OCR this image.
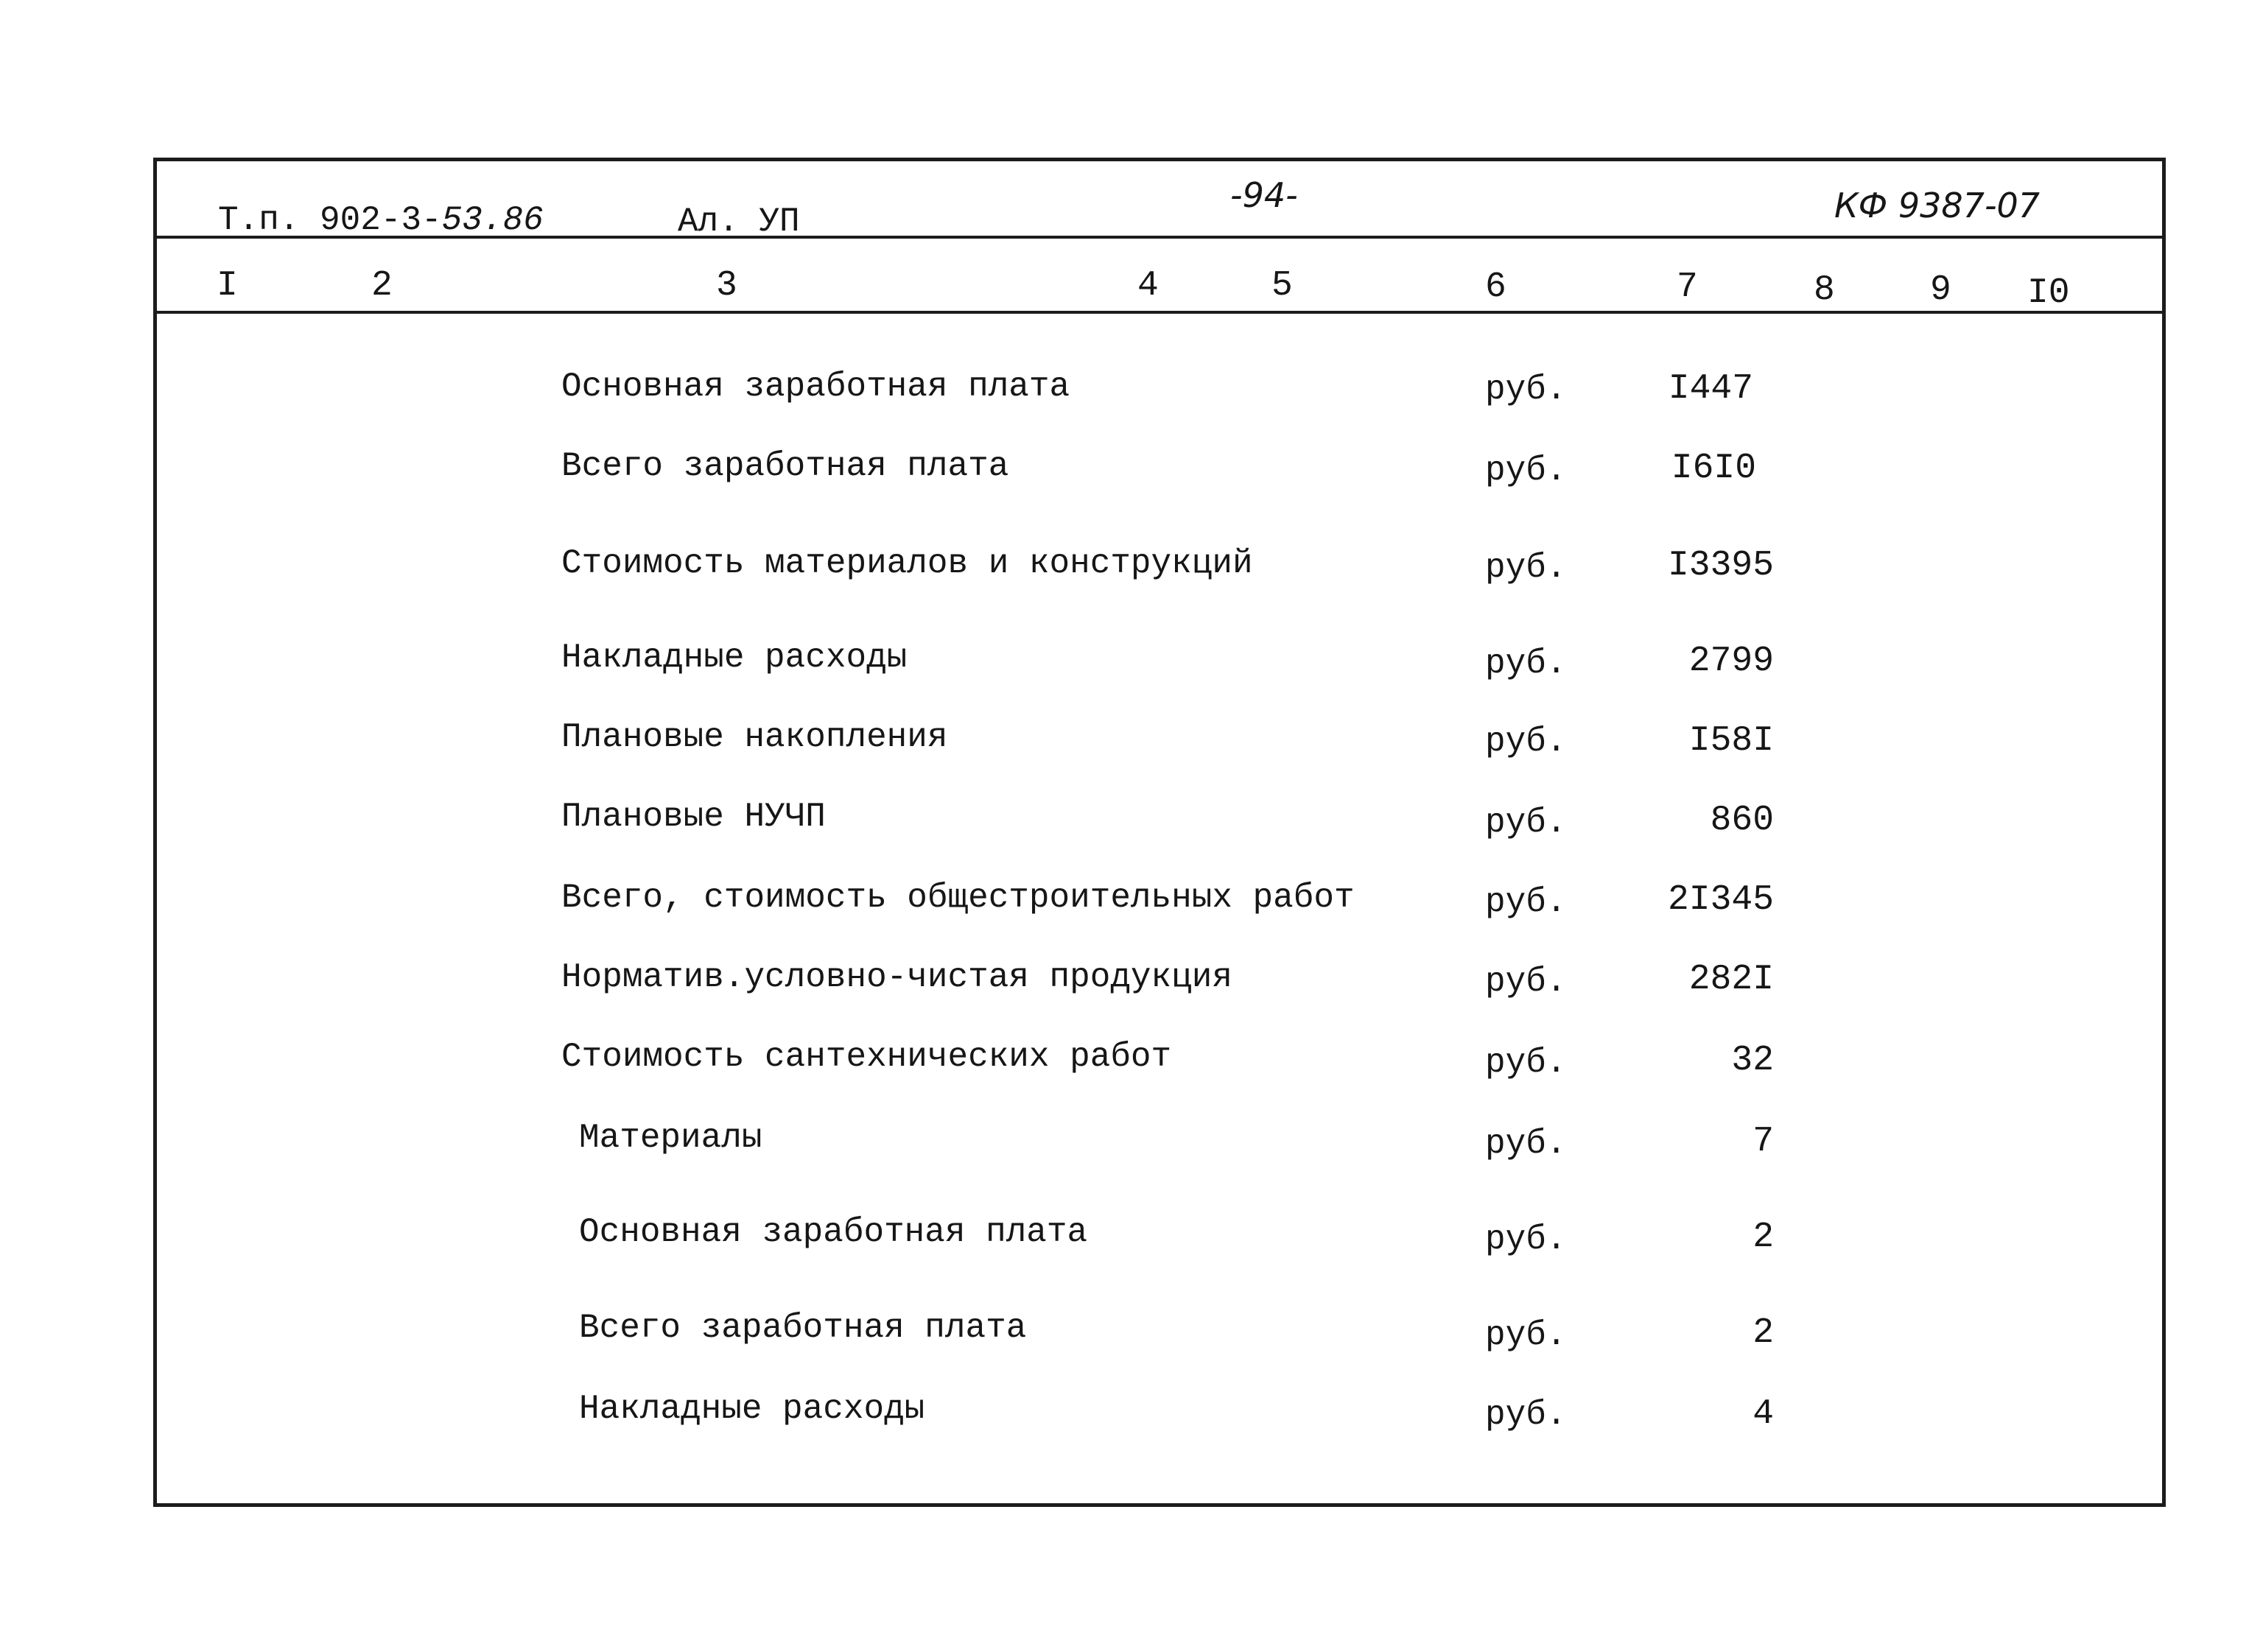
Т.п. 902-3-53.86	Ал. УП
-94-	КФ 9387-07
I	2	3	4	5	6	7	8	9 I0
Основная заработная плата	руб.	I447
Всего заработная плата	руб.	I6I0
Стоимость материалов и конструкций	руб.	I3395
Накладные расходы	руб.	2799
Плановые накопления	руб.	I58I
Плановые НУЧП	руб.	860
Всего, стоимость общестроительных работ	руб.	2I345
Норматив.условно-чистая продукция	руб.	282I
Стоимость сантехнических работ	руб.	32
Материалы	руб.	7
Основная заработная плата	руб.	2
Всего заработная плата	руб.	2
Накладные расходы	руб.	4
